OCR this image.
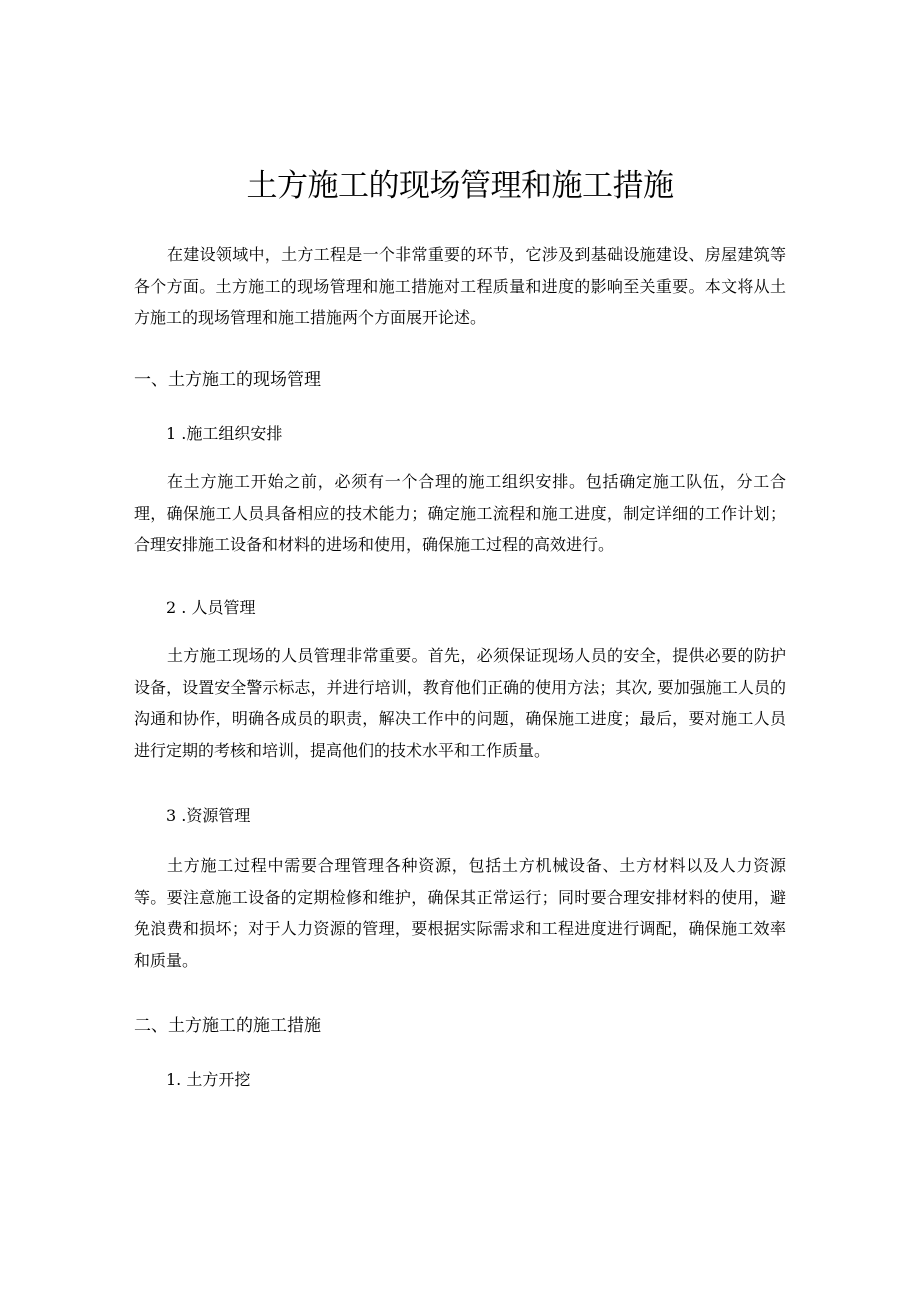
土方施工的现场管理和施工措施

在建设领域中，土方工程是一个非常重要的环节，它涉及到基础设施建设、房屋建筑等各个方面。土方施工的现场管理和施工措施对工程质量和进度的影响至关重要。本文将从土方施工的现场管理和施工措施两个方面展开论述。

一、土方施工的现场管理
1 .施工组织安排

在土方施工开始之前，必须有一个合理的施工组织安排。包括确定施工队伍，分工合理，确保施工人员具备相应的技术能力；确定施工流程和施工进度，制定详细的工作计划；合理安排施工设备和材料的进场和使用，确保施工过程的高效进行。

2 . 人员管理

土方施工现场的人员管理非常重要。首先，必须保证现场人员的安全，提供必要的防护设备，设置安全警示标志，并进行培训，教育他们正确的使用方法；其次, 要加强施工人员的沟通和协作，明确各成员的职责，解决工作中的问题，确保施工进度；最后，要对施工人员进行定期的考核和培训，提高他们的技术水平和工作质量。

3 .资源管理

土方施工过程中需要合理管理各种资源，包括土方机械设备、土方材料以及人力资源等。要注意施工设备的定期检修和维护，确保其正常运行；同时要合理安排材料的使用，避免浪费和损坏；对于人力资源的管理，要根据实际需求和工程进度进行调配，确保施工效率和质量。

二、土方施工的施工措施
1. 土方开挖
